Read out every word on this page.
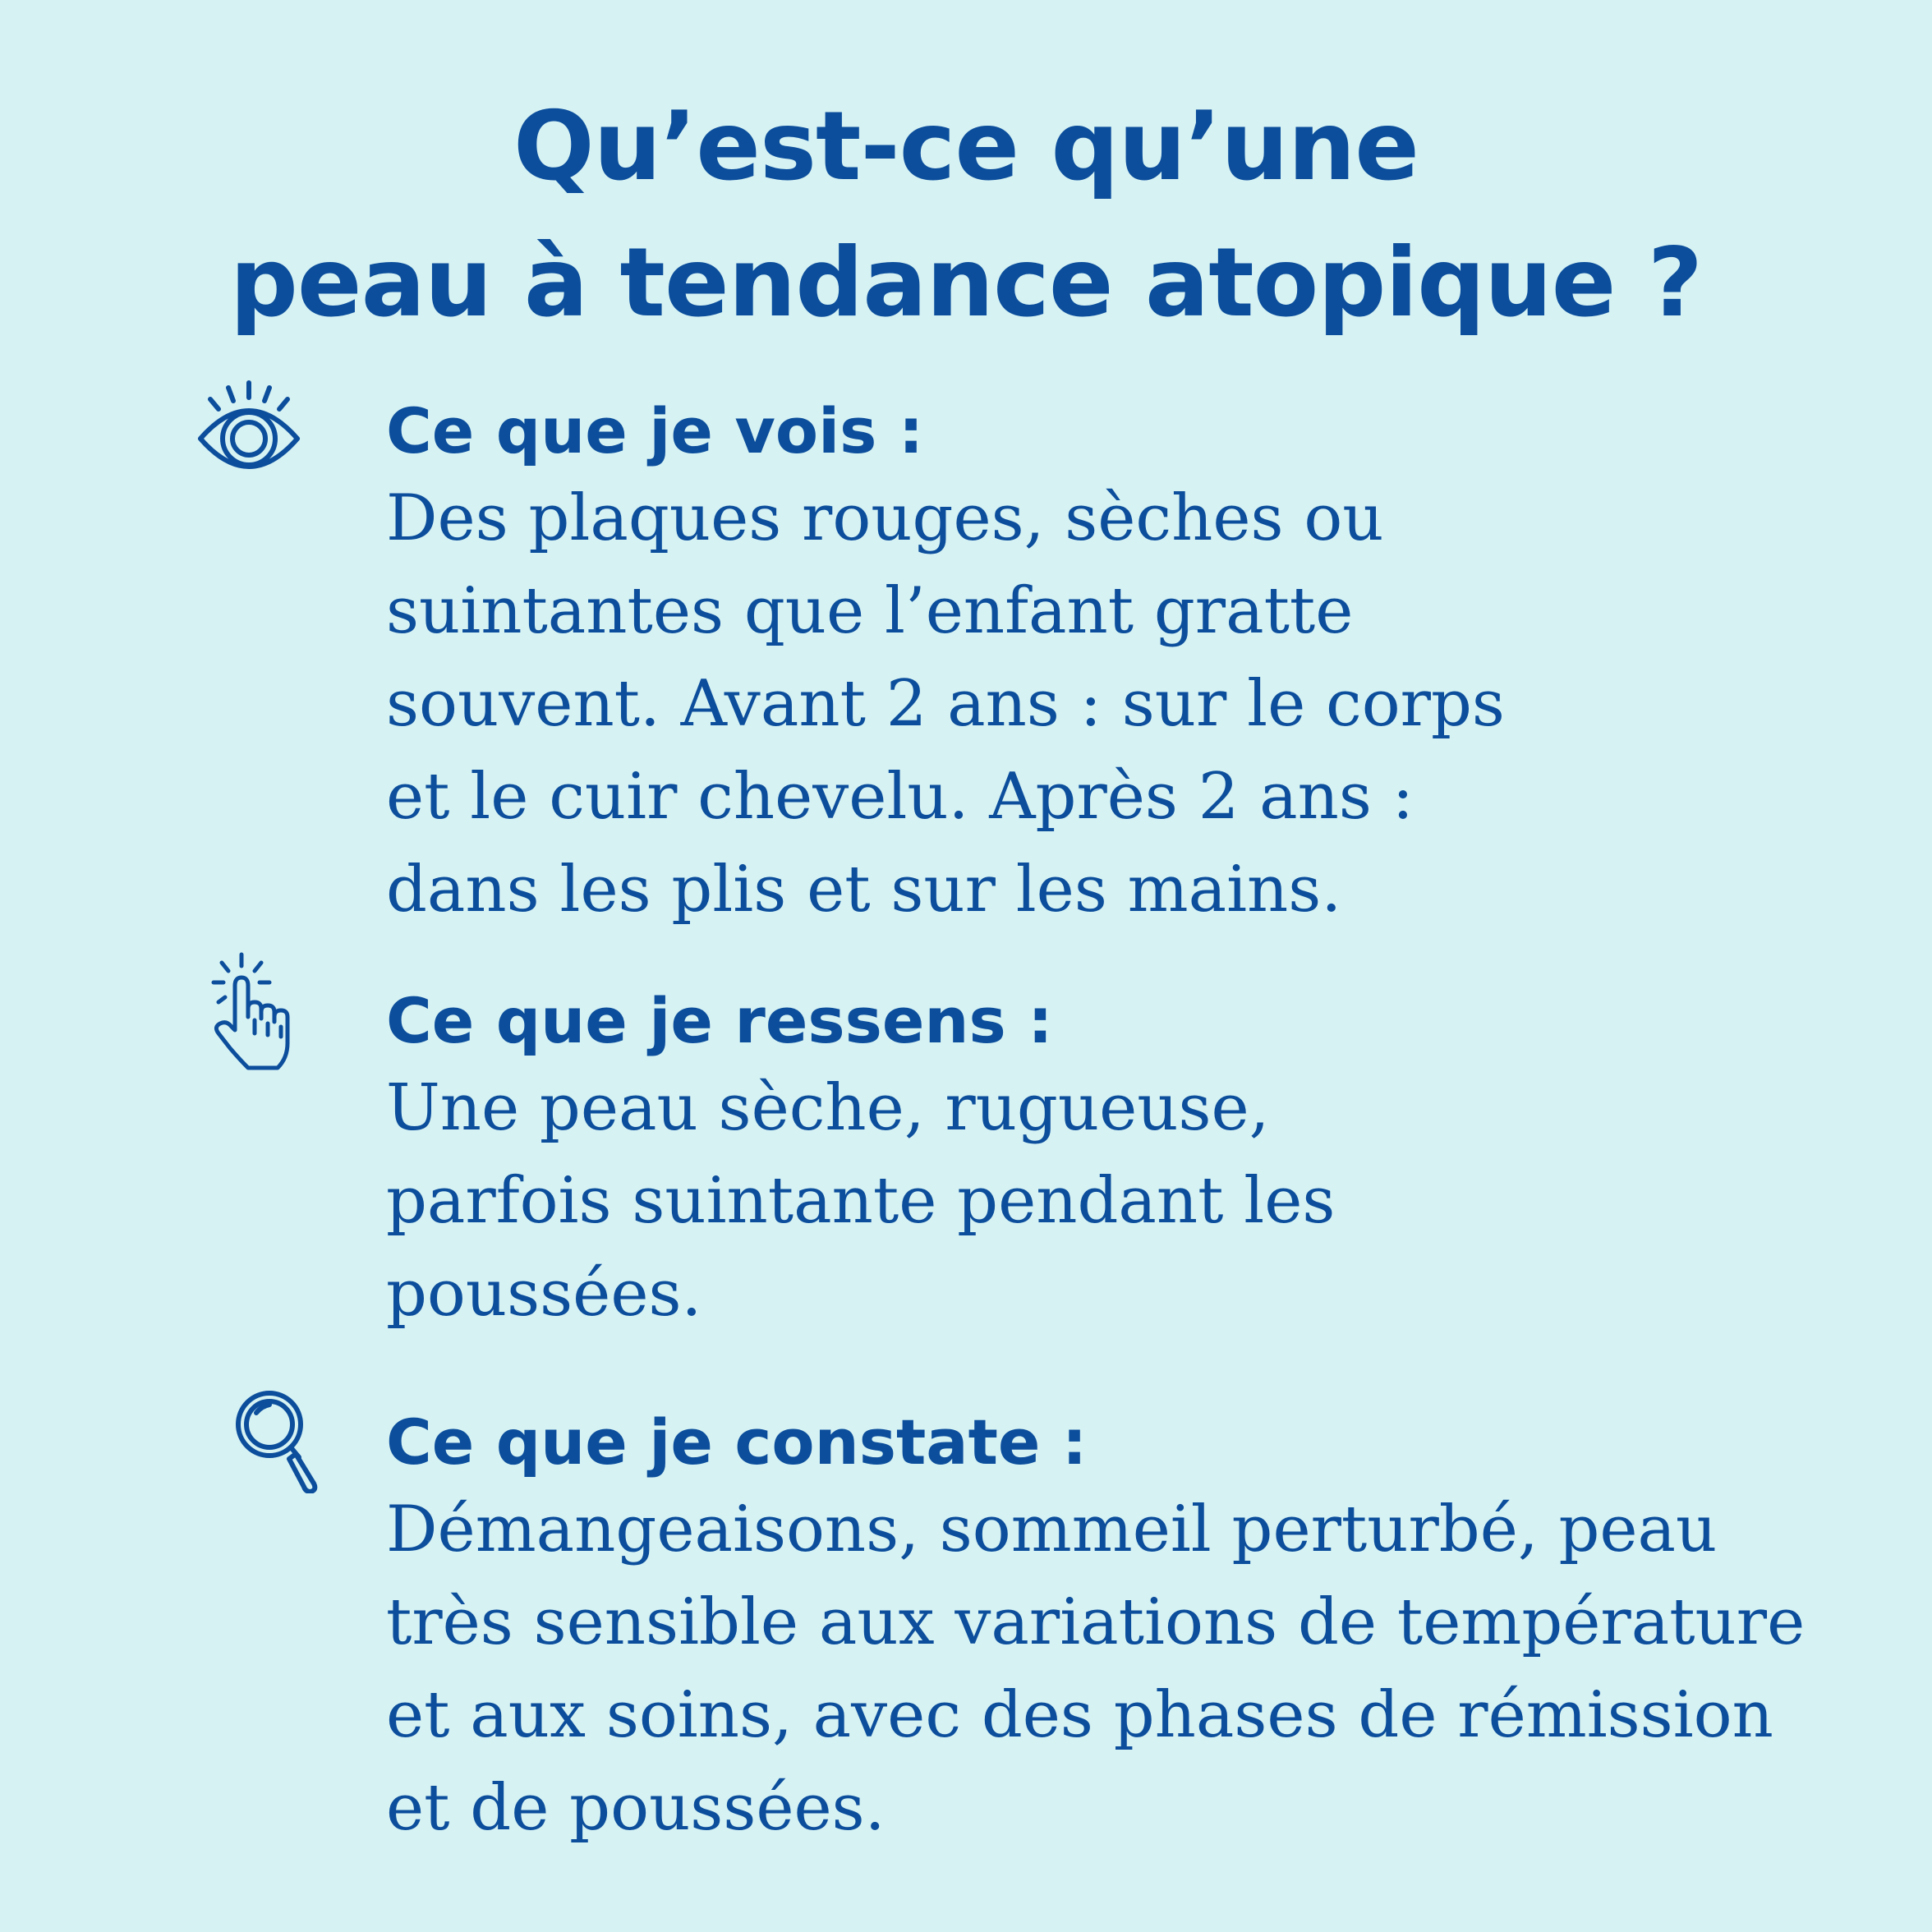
Qu’est-ce qu’une
peau à tendance atopique ?
Ce que je vois :
Des plaques rouges, sèches ou
suintantes que l’enfant gratte
souvent. Avant 2 ans : sur le corps
et le cuir chevelu. Après 2 ans :
dans les plis et sur les mains.
Ce que je ressens :
Une peau sèche, rugueuse,
parfois suintante pendant les
poussées.
Ce que je constate :
Démangeaisons, sommeil perturbé, peau
très sensible aux variations de température
et aux soins, avec des phases de rémission
et de poussées.
